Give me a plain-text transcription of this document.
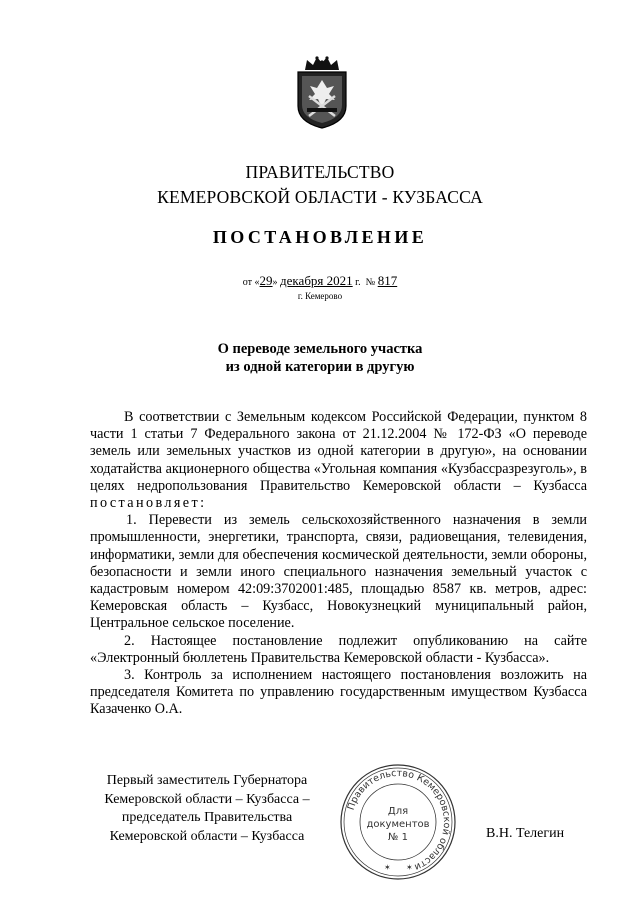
ПРАВИТЕЛЬСТВО
КЕМЕРОВСКОЙ ОБЛАСТИ - КУЗБАССА
ПОСТАНОВЛЕНИЕ
от «29» декабря 2021 г. № 817
г. Кемерово
О переводе земельного участка
из одной категории в другую

В соответствии с Земельным кодексом Российской Федерации, пунктом 8 части 1 статьи 7 Федерального закона от 21.12.2004 № 172-ФЗ «О переводе земель или земельных участков из одной категории в другую», на основании ходатайства акционерного общества «Угольная компания «Кузбассразрезуголь», в целях недропользования Правительство Кемеровской области – Кузбасса постановляет:

1. Перевести из земель сельскохозяйственного назначения в земли промышленности, энергетики, транспорта, связи, радиовещания, телевидения, информатики, земли для обеспечения космической деятельности, земли обороны, безопасности и земли иного специального назначения земельный участок с кадастровым номером 42:09:3702001:485, площадью 8587 кв. метров, адрес: Кемеровская область – Кузбасс, Новокузнецкий муниципальный район, Центральное сельское поселение.

2. Настоящее постановление подлежит опубликованию на сайте «Электронный бюллетень Правительства Кемеровской области - Кузбасса».

3. Контроль за исполнением настоящего постановления возложить на председателя Комитета по управлению государственным имуществом Кузбасса Казаченко О.А.

Первый заместитель Губернатора
Кемеровской области – Кузбасса –
председатель Правительства
Кемеровской области – Кузбасса
Правительство Кемеровской области
Для
документов
№ 1
✶ ✶
В.Н. Телегин
